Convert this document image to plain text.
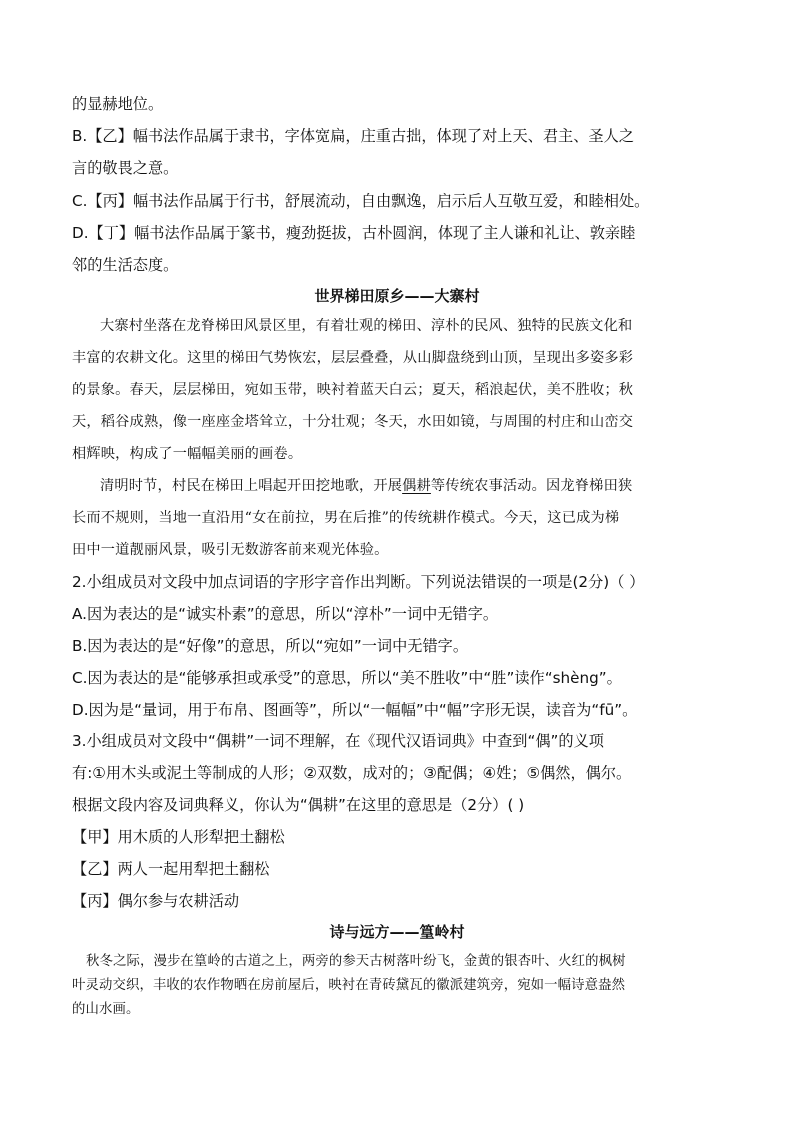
的显赫地位。
B.【乙】幅书法作品属于隶书，字体宽扁，庄重古拙，体现了对上天、君主、圣人之
言的敬畏之意。
C.【丙】幅书法作品属于行书，舒展流动，自由飘逸，启示后人互敬互爱，和睦相处。
D.【丁】幅书法作品属于篆书，瘦劲挺拔，古朴圆润，体现了主人谦和礼让、敦亲睦
邻的生活态度。
世界梯田原乡——大寨村
大寨村坐落在龙脊梯田风景区里，有着壮观的梯田、淳朴的民风、独特的民族文化和
丰富的农耕文化。这里的梯田气势恢宏，层层叠叠，从山脚盘绕到山顶，呈现出多姿多彩
的景象。春天，层层梯田，宛如玉带，映衬着蓝天白云；夏天，稻浪起伏，美不胜收；秋
天，稻谷成熟，像一座座金塔耸立，十分壮观；冬天，水田如镜，与周围的村庄和山峦交
相辉映，构成了一幅幅美丽的画卷。
清明时节，村民在梯田上唱起开田挖地歌，开展偶耕等传统农事活动。因龙脊梯田狭
长而不规则，当地一直沿用“女在前拉，男在后推”的传统耕作模式。今天，这已成为梯
田中一道靓丽风景，吸引无数游客前来观光体验。
2.小组成员对文段中加点词语的字形字音作出判断。下列说法错误的一项是(2分)（ ）
A.因为表达的是“诚实朴素”的意思，所以“淳朴”一词中无错字。
B.因为表达的是“好像”的意思，所以“宛如”一词中无错字。
C.因为表达的是“能够承担或承受”的意思，所以“美不胜收”中“胜”读作“shèng”。
D.因为是“量词，用于布帛、图画等”，所以“一幅幅”中“幅”字形无误，读音为“fū”。
3.小组成员对文段中“偶耕”一词不理解，在《现代汉语词典》中查到“偶”的义项
有:①用木头或泥土等制成的人形；②双数，成对的；③配偶；④姓；⑤偶然，偶尔。
根据文段内容及词典释义，你认为“偶耕”在这里的意思是（2分）( )
【甲】用木质的人形犁把土翻松
【乙】两人一起用犁把土翻松
【丙】偶尔参与农耕活动
诗与远方——篁岭村
秋冬之际，漫步在篁岭的古道之上，两旁的参天古树落叶纷飞，金黄的银杏叶、火红的枫树
叶灵动交织，丰收的农作物晒在房前屋后，映衬在青砖黛瓦的徽派建筑旁，宛如一幅诗意盎然
的山水画。
